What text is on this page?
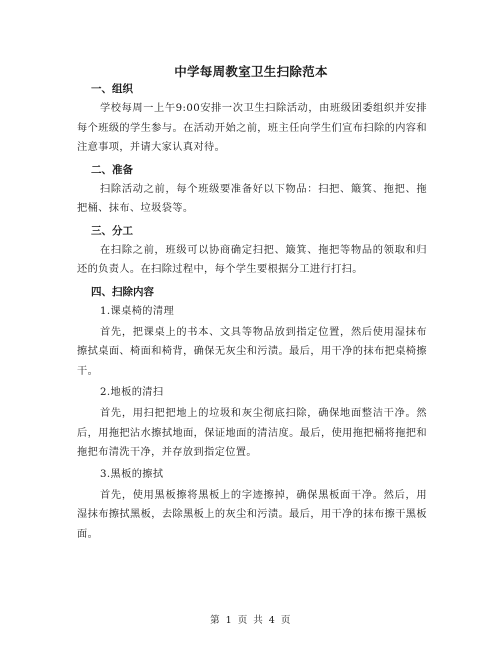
中学每周教室卫生扫除范本
一、组织

学校每周一上午9:00安排一次卫生扫除活动，由班级团委组织并安排每个班级的学生参与。在活动开始之前，班主任向学生们宣布扫除的内容和注意事项，并请大家认真对待。

二、准备

扫除活动之前，每个班级要准备好以下物品：扫把、簸箕、拖把、拖把桶、抹布、垃圾袋等。

三、分工

在扫除之前，班级可以协商确定扫把、簸箕、拖把等物品的领取和归还的负责人。在扫除过程中，每个学生要根据分工进行打扫。

四、扫除内容
1.课桌椅的清理

首先，把课桌上的书本、文具等物品放到指定位置，然后使用湿抹布擦拭桌面、椅面和椅背，确保无灰尘和污渍。最后，用干净的抹布把桌椅擦干。

2.地板的清扫

首先，用扫把把地上的垃圾和灰尘彻底扫除，确保地面整洁干净。然后，用拖把沾水擦拭地面，保证地面的清洁度。最后，使用拖把桶将拖把和拖把布清洗干净，并存放到指定位置。

3.黑板的擦拭

首先，使用黑板擦将黑板上的字迹擦掉，确保黑板面干净。然后，用湿抹布擦拭黑板，去除黑板上的灰尘和污渍。最后，用干净的抹布擦干黑板面。

第 1 页 共 4 页
